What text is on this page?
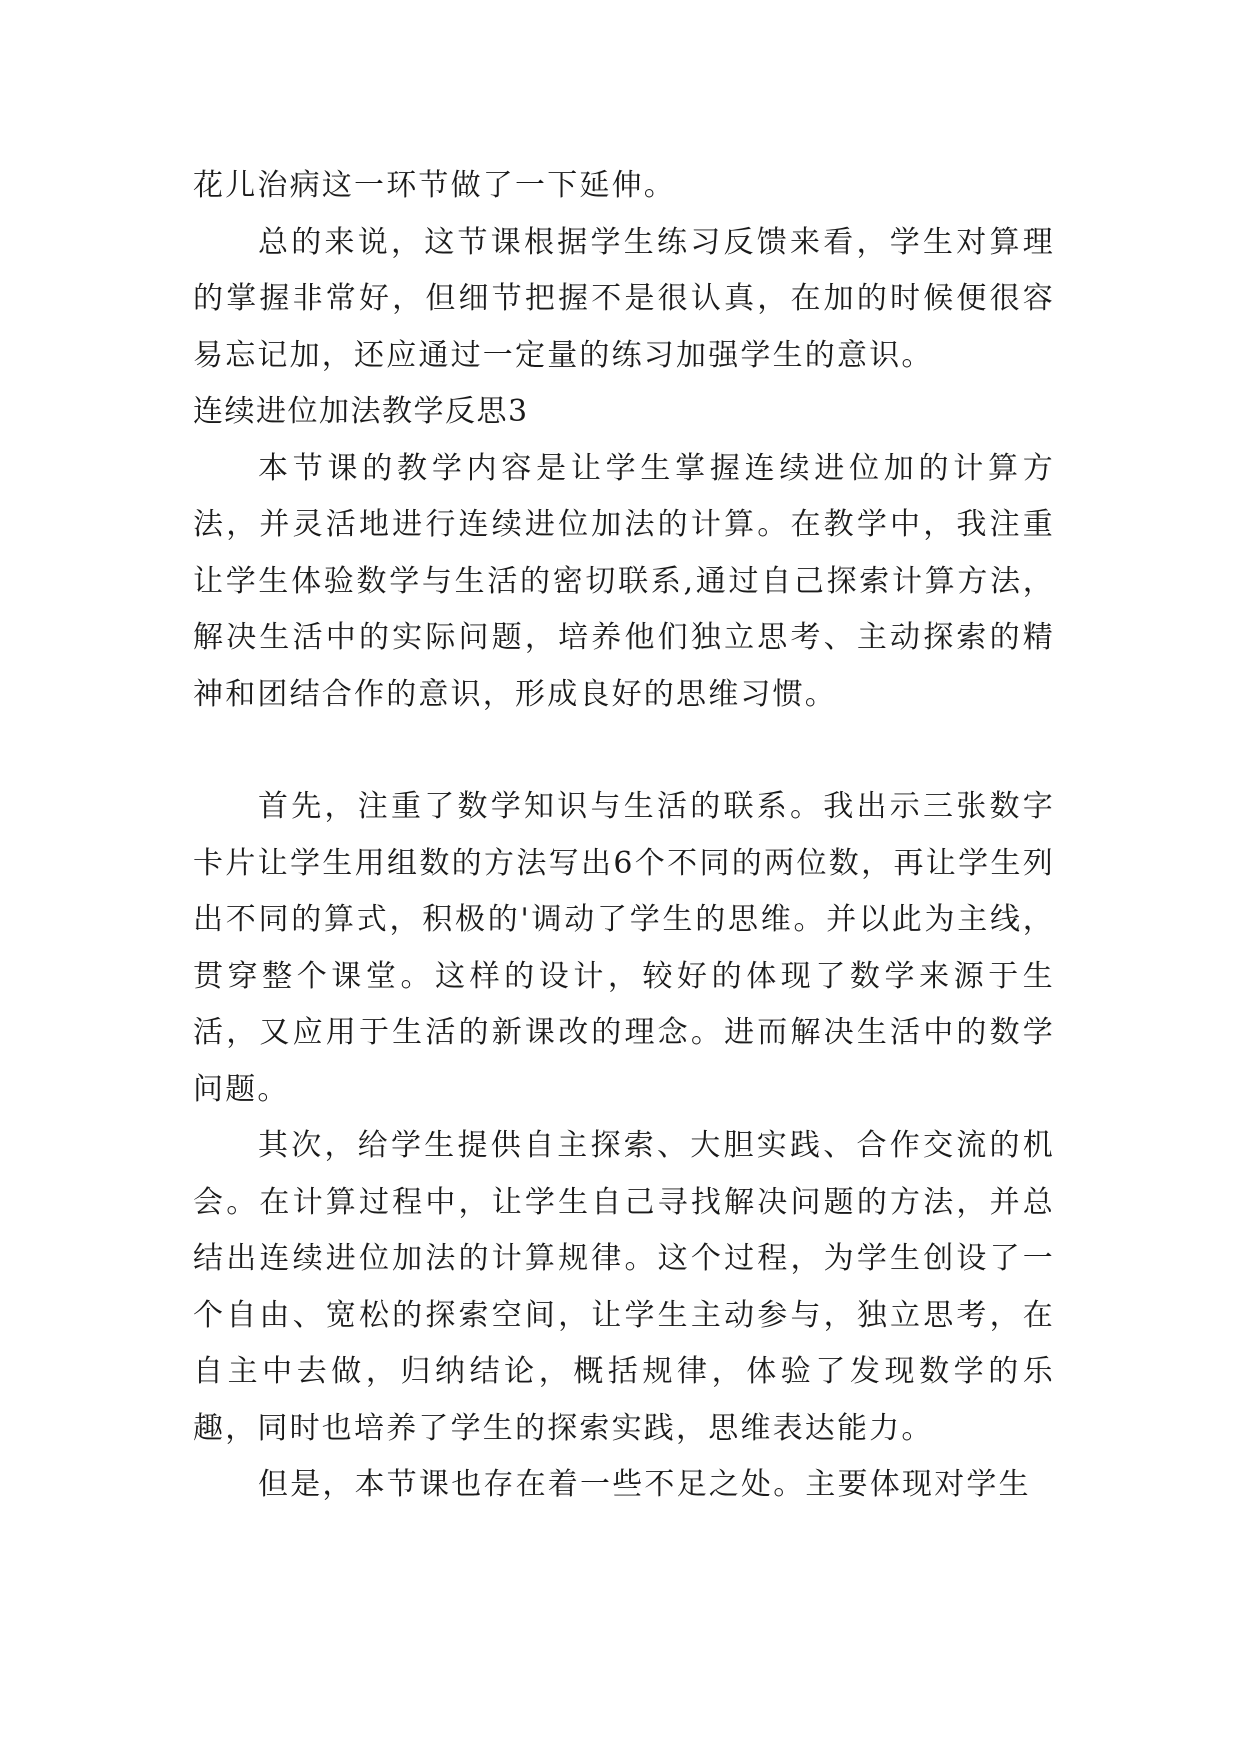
花儿治病这一环节做了一下延伸。

总的来说，这节课根据学生练习反馈来看，学生对算理的掌握非常好，但细节把握不是很认真，在加的时候便很容易忘记加，还应通过一定量的练习加强学生的意识。

连续进位加法教学反思3

本节课的教学内容是让学生掌握连续进位加的计算方法，并灵活地进行连续进位加法的计算。在教学中，我注重让学生体验数学与生活的密切联系,通过自己探索计算方法，解决生活中的实际问题，培养他们独立思考、主动探索的精神和团结合作的意识，形成良好的思维习惯。

首先，注重了数学知识与生活的联系。我出示三张数字卡片让学生用组数的方法写出6个不同的两位数，再让学生列出不同的算式，积极的'调动了学生的思维。并以此为主线，贯穿整个课堂。这样的设计，较好的体现了数学来源于生活，又应用于生活的新课改的理念。进而解决生活中的数学问题。

其次，给学生提供自主探索、大胆实践、合作交流的机会。在计算过程中，让学生自己寻找解决问题的方法，并总结出连续进位加法的计算规律。这个过程，为学生创设了一个自由、宽松的探索空间，让学生主动参与，独立思考，在自主中去做，归纳结论，概括规律，体验了发现数学的乐趣，同时也培养了学生的探索实践，思维表达能力。

但是，本节课也存在着一些不足之处。主要体现对学生
